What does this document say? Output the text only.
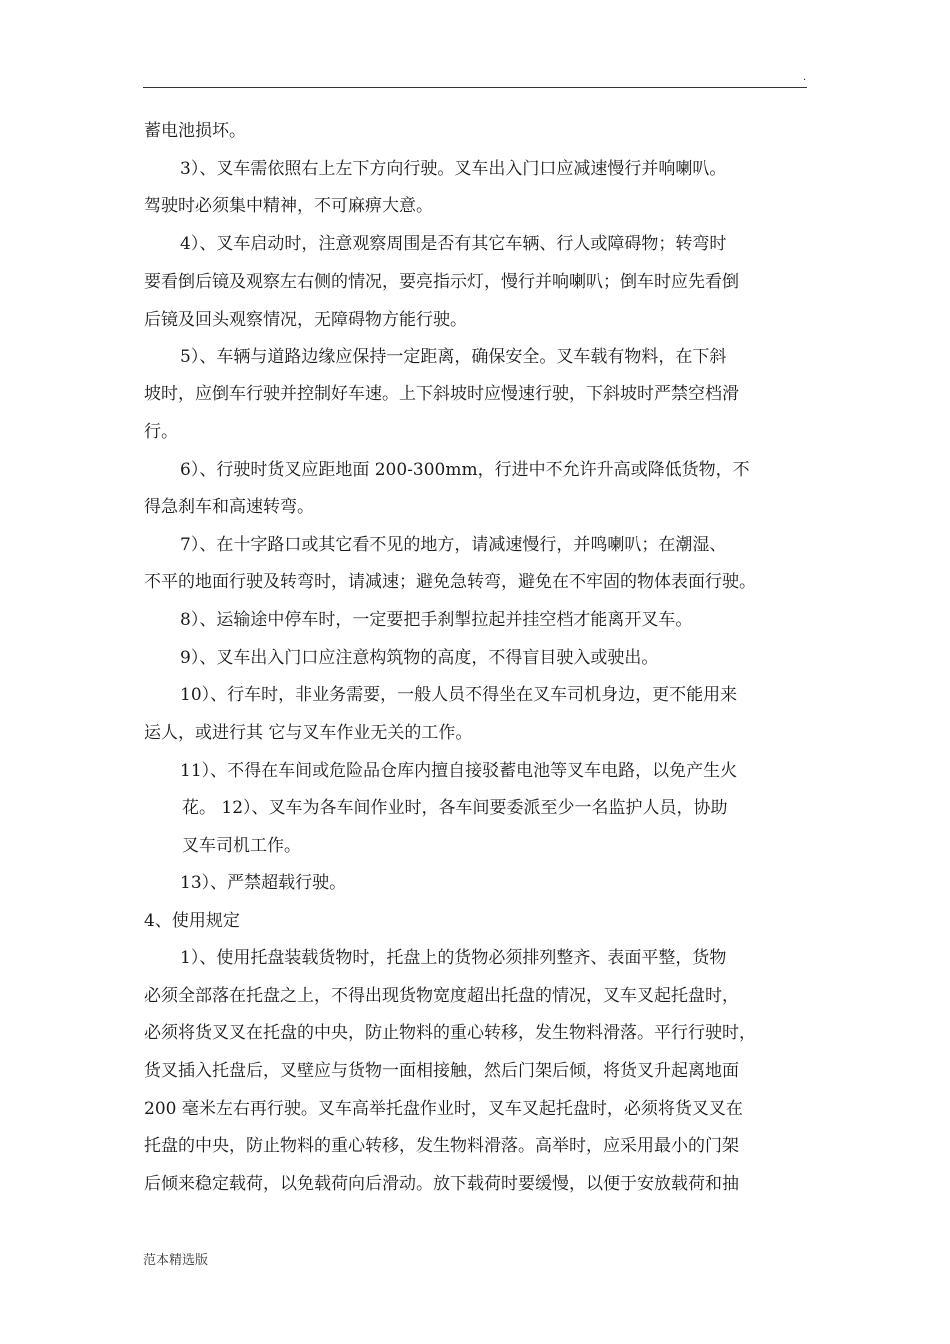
.
蓄电池损坏。
3）、叉车需依照右上左下方向行驶。叉车出入门口应减速慢行并响喇叭。
驾驶时必须集中精神，不可麻痹大意。
4）、叉车启动时，注意观察周围是否有其它车辆、行人或障碍物；转弯时
要看倒后镜及观察左右侧的情况，要亮指示灯，慢行并响喇叭；倒车时应先看倒
后镜及回头观察情况，无障碍物方能行驶。
5）、车辆与道路边缘应保持一定距离，确保安全。叉车载有物料，在下斜
坡时，应倒车行驶并控制好车速。上下斜坡时应慢速行驶，下斜坡时严禁空档滑
行。
6）、行驶时货叉应距地面 200-300mm，行进中不允许升高或降低货物，不
得急刹车和高速转弯。
7）、在十字路口或其它看不见的地方，请减速慢行，并鸣喇叭；在潮湿、
不平的地面行驶及转弯时，请减速；避免急转弯，避免在不牢固的物体表面行驶。
8）、运输途中停车时，一定要把手刹掣拉起并挂空档才能离开叉车。
9）、叉车出入门口应注意构筑物的高度，不得盲目驶入或驶出。
10）、行车时，非业务需要，一般人员不得坐在叉车司机身边，更不能用来
运人，或进行其 它与叉车作业无关的工作。
11）、不得在车间或危险品仓库内擅自接驳蓄电池等叉车电路，以免产生火
花。 12）、叉车为各车间作业时，各车间要委派至少一名监护人员，协助
叉车司机工作。
13）、严禁超载行驶。
4、使用规定
1）、使用托盘装载货物时，托盘上的货物必须排列整齐、表面平整，货物
必须全部落在托盘之上，不得出现货物宽度超出托盘的情况，叉车叉起托盘时，
必须将货叉叉在托盘的中央，防止物料的重心转移，发生物料滑落。平行行驶时，
货叉插入托盘后，叉壁应与货物一面相接触，然后门架后倾，将货叉升起离地面
200 毫米左右再行驶。叉车高举托盘作业时，叉车叉起托盘时，必须将货叉叉在
托盘的中央，防止物料的重心转移，发生物料滑落。高举时，应采用最小的门架
后倾来稳定载荷，以免载荷向后滑动。放下载荷时要缓慢，以便于安放载荷和抽
范本精选版
